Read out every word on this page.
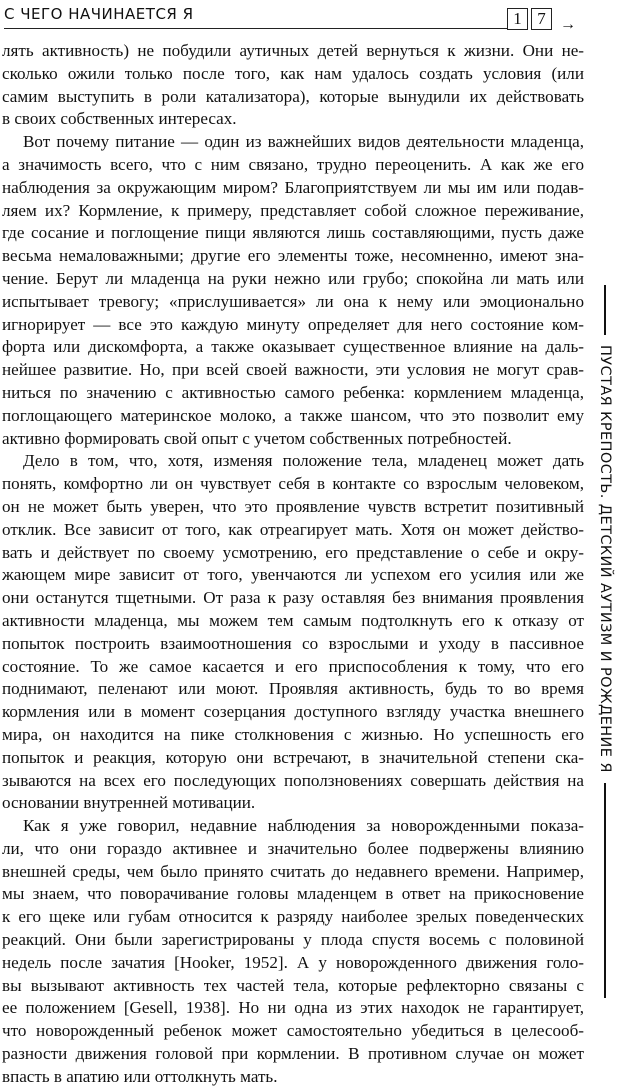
С ЧЕГО НАЧИНАЕТСЯ Я	1 7 →
лять активность) не побудили аутичных детей вернуться к жизни. Они не-
сколько ожили только после того, как нам удалось создать условия (или
самим выступить в роли катализатора), которые вынудили их действовать
в своих собственных интересах.
Вот почему питание — один из важнейших видов деятельности младенца,
а значимость всего, что с ним связано, трудно переоценить. А как же его
наблюдения за окружающим миром? Благоприятствуем ли мы им или подав-
ляем их? Кормление, к примеру, представляет собой сложное переживание,
где сосание и поглощение пищи являются лишь составляющими, пусть даже
весьма немаловажными; другие его элементы тоже, несомненно, имеют зна-
чение. Берут ли младенца на руки нежно или грубо; спокойна ли мать или
испытывает тревогу; «прислушивается» ли она к нему или эмоционально
игнорирует — все это каждую минуту определяет для него состояние ком-
форта или дискомфорта, а также оказывает существенное влияние на даль-
нейшее развитие. Но, при всей своей важности, эти условия не могут срав-
ниться по значению с активностью самого ребенка: кормлением младенца,
поглощающего материнское молоко, а также шансом, что это позволит ему
активно формировать свой опыт с учетом собственных потребностей.
Дело в том, что, хотя, изменяя положение тела, младенец может дать
понять, комфортно ли он чувствует себя в контакте со взрослым человеком,
он не может быть уверен, что это проявление чувств встретит позитивный
отклик. Все зависит от того, как отреагирует мать. Хотя он может действо-
вать и действует по своему усмотрению, его представление о себе и окру-
жающем мире зависит от того, увенчаются ли успехом его усилия или же
они останутся тщетными. От раза к разу оставляя без внимания проявления
активности младенца, мы можем тем самым подтолкнуть его к отказу от
попыток построить взаимоотношения со взрослыми и уходу в пассивное
состояние. То же самое касается и его приспособления к тому, что его
поднимают, пеленают или моют. Проявляя активность, будь то во время
кормления или в момент созерцания доступного взгляду участка внешнего
мира, он находится на пике столкновения с жизнью. Но успешность его
попыток и реакция, которую они встречают, в значительной степени ска-
зываются на всех его последующих поползновениях совершать действия на
основании внутренней мотивации.
Как я уже говорил, недавние наблюдения за новорожденными показа-
ли, что они гораздо активнее и значительно более подвержены влиянию
внешней среды, чем было принято считать до недавнего времени. Например,
мы знаем, что поворачивание головы младенцем в ответ на прикосновение
к его щеке или губам относится к разряду наиболее зрелых поведенческих
реакций. Они были зарегистрированы у плода спустя восемь с половиной
недель после зачатия [Hooker, 1952]. А у новорожденного движения голо-
вы вызывают активность тех частей тела, которые рефлекторно связаны с
ее положением [Gesell, 1938]. Но ни одна из этих находок не гарантирует,
что новорожденный ребенок может самостоятельно убедиться в целесооб-
разности движения головой при кормлении. В противном случае он может
впасть в апатию или оттолкнуть мать.
ПУСТАЯ КРЕПОСТЬ. ДЕТСКИЙ АУТИЗМ И РОЖДЕНИЕ Я
